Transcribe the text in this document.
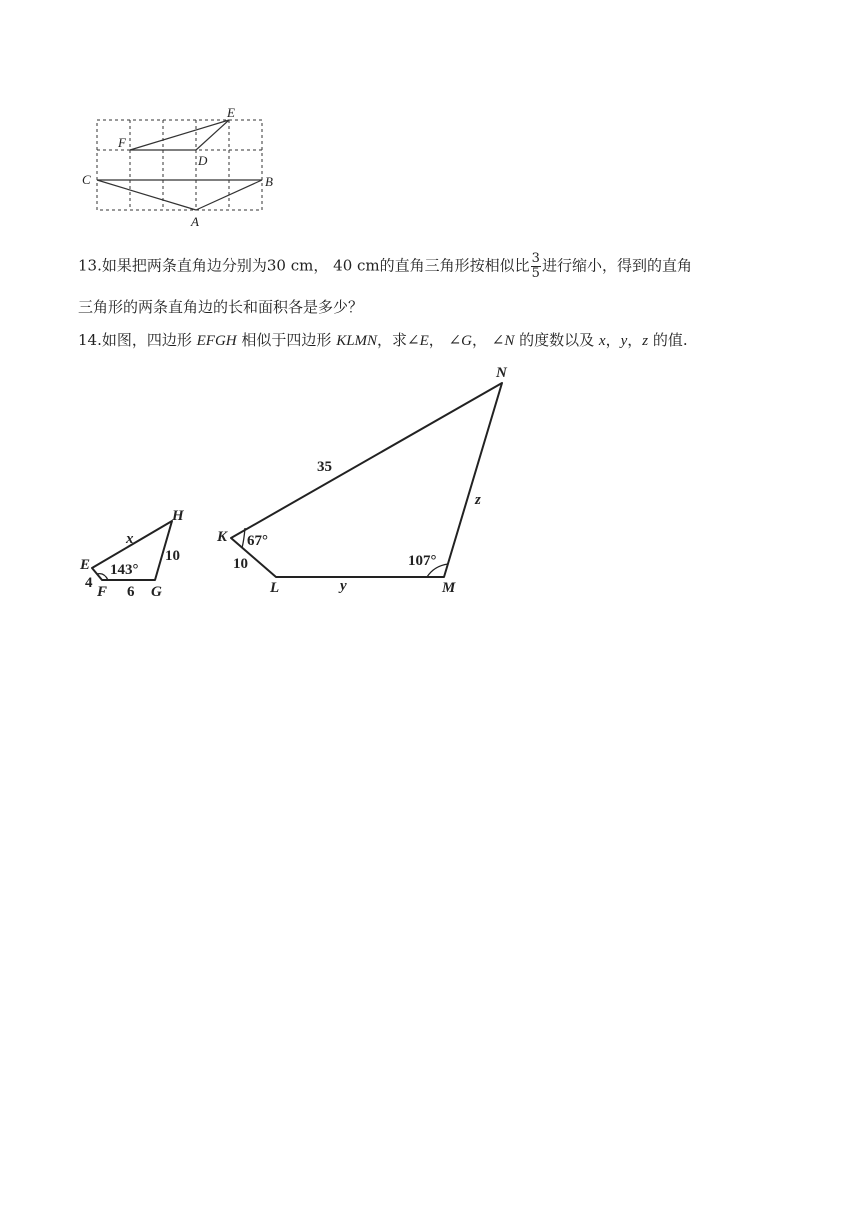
E
F
D
C	B
A
13.如果把两条直角边分别为30 cm， 40 cm的直角三角形按相似比 $\frac{3}{5}$ 进行缩小，得到的直角
三角形的两条直角边的长和面积各是多少？
14.如图，四边形 EFGH 相似于四边形 KLMN，求∠E， ∠G， ∠N 的度数以及 x，y，z 的值.
E
F	G
H
x
4
6
10
143°
K
L	M
N
35
10
y
z
67°
107°
